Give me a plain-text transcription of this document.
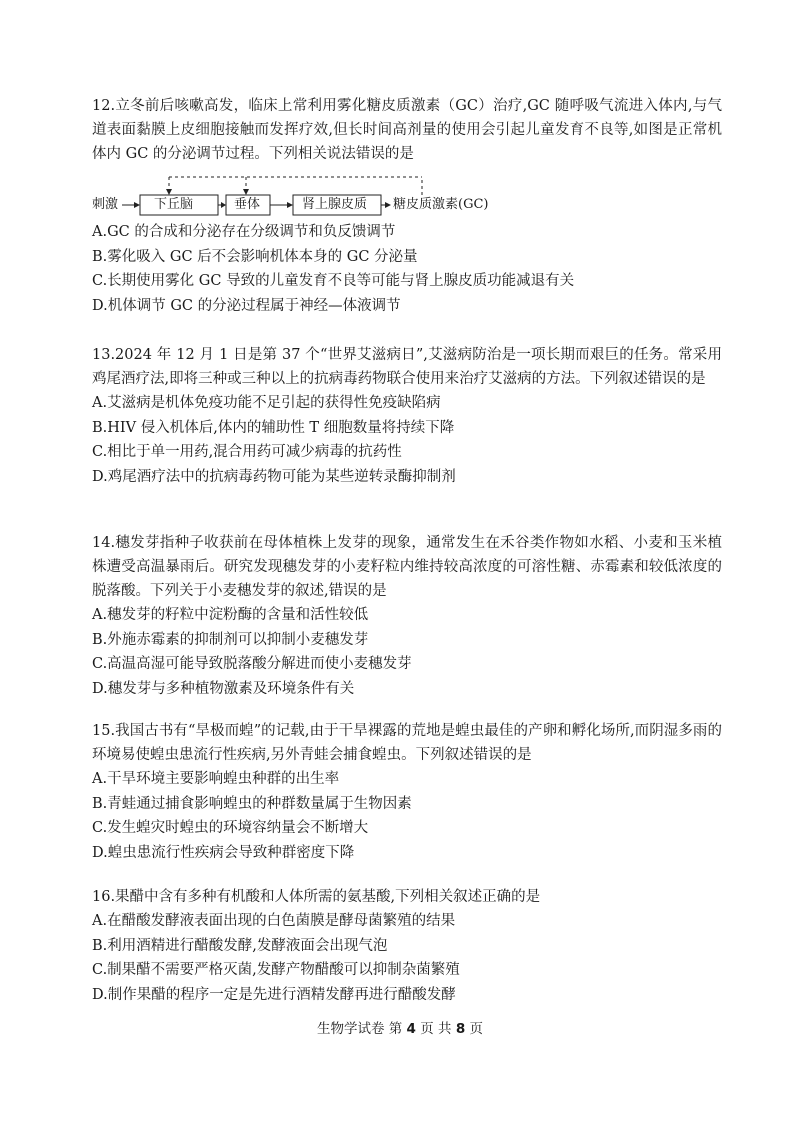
12.立冬前后咳嗽高发，临床上常利用雾化糖皮质激素（GC）治疗,GC 随呼吸气流进入体内,与气道表面黏膜上皮细胞接触而发挥疗效,但长时间高剂量的使用会引起儿童发育不良等,如图是正常机体内 GC 的分泌调节过程。下列相关说法错误的是

刺激	下丘脑	垂体	肾上腺皮质 糖皮质激素(GC)

A.GC 的合成和分泌存在分级调节和负反馈调节

B.雾化吸入 GC 后不会影响机体本身的 GC 分泌量

C.长期使用雾化 GC 导致的儿童发育不良等可能与肾上腺皮质功能减退有关

D.机体调节 GC 的分泌过程属于神经—体液调节

13.2024 年 12 月 1 日是第 37 个“世界艾滋病日”,艾滋病防治是一项长期而艰巨的任务。常采用鸡尾酒疗法,即将三种或三种以上的抗病毒药物联合使用来治疗艾滋病的方法。下列叙述错误的是

A.艾滋病是机体免疫功能不足引起的获得性免疫缺陷病

B.HIV 侵入机体后,体内的辅助性 T 细胞数量将持续下降

C.相比于单一用药,混合用药可减少病毒的抗药性

D.鸡尾酒疗法中的抗病毒药物可能为某些逆转录酶抑制剂

14.穗发芽指种子收获前在母体植株上发芽的现象，通常发生在禾谷类作物如水稻、小麦和玉米植株遭受高温暴雨后。研究发现穗发芽的小麦籽粒内维持较高浓度的可溶性糖、赤霉素和较低浓度的脱落酸。下列关于小麦穗发芽的叙述,错误的是

A.穗发芽的籽粒中淀粉酶的含量和活性较低

B.外施赤霉素的抑制剂可以抑制小麦穗发芽

C.高温高湿可能导致脱落酸分解进而使小麦穗发芽

D.穗发芽与多种植物激素及环境条件有关

15.我国古书有“旱极而蝗”的记载,由于干旱裸露的荒地是蝗虫最佳的产卵和孵化场所,而阴湿多雨的环境易使蝗虫患流行性疾病,另外青蛙会捕食蝗虫。下列叙述错误的是

A.干旱环境主要影响蝗虫种群的出生率

B.青蛙通过捕食影响蝗虫的种群数量属于生物因素

C.发生蝗灾时蝗虫的环境容纳量会不断增大

D.蝗虫患流行性疾病会导致种群密度下降

16.果醋中含有多种有机酸和人体所需的氨基酸,下列相关叙述正确的是

A.在醋酸发酵液表面出现的白色菌膜是酵母菌繁殖的结果

B.利用酒精进行醋酸发酵,发酵液面会出现气泡

C.制果醋不需要严格灭菌,发酵产物醋酸可以抑制杂菌繁殖

D.制作果醋的程序一定是先进行酒精发酵再进行醋酸发酵

生物学试卷 第 4 页 共 8 页
